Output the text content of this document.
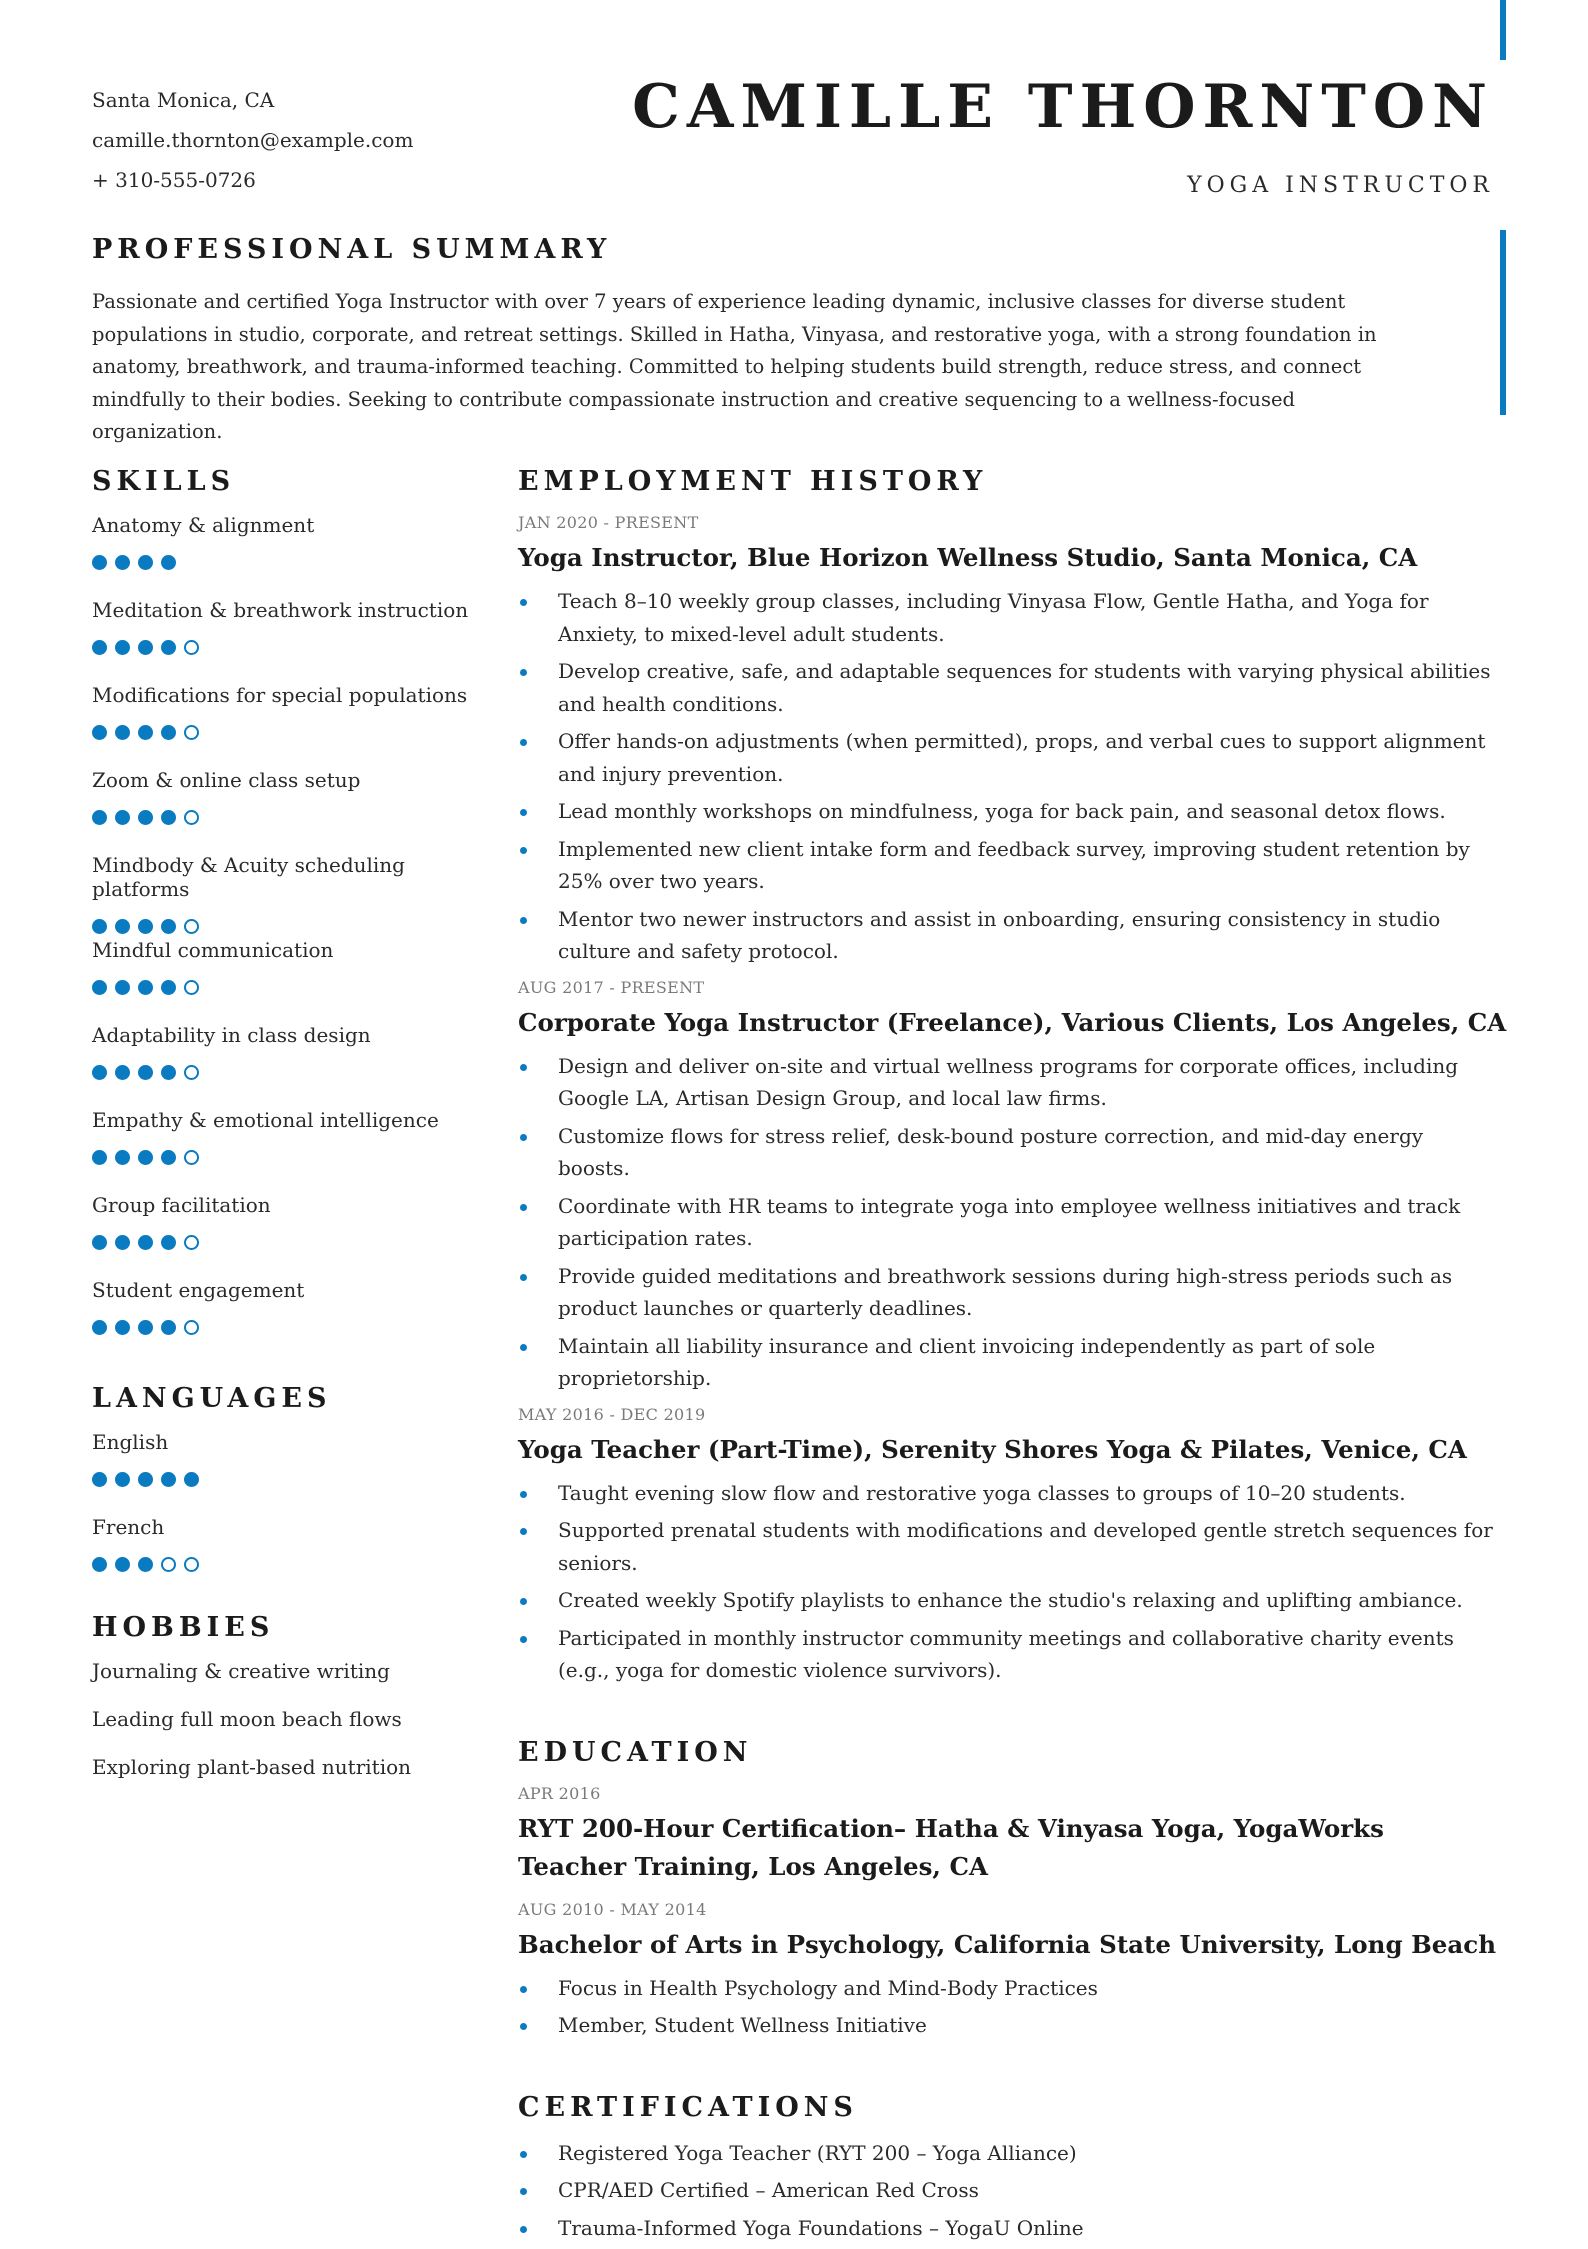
Santa Monica, CA
camille.thornton@example.com
+ 310-555-0726
CAMILLE THORNTON
YOGA INSTRUCTOR
PROFESSIONAL SUMMARY
Passionate and certified Yoga Instructor with over 7 years of experience leading dynamic, inclusive classes for diverse student populations in studio, corporate, and retreat settings. Skilled in Hatha, Vinyasa, and restorative yoga, with a strong foundation in anatomy, breathwork, and trauma-informed teaching. Committed to helping students build strength, reduce stress, and connect mindfully to their bodies. Seeking to contribute compassionate instruction and creative sequencing to a wellness-focused organization.
SKILLS
Anatomy & alignment
Meditation & breathwork instruction
Modifications for special populations
Zoom & online class setup
Mindbody & Acuity scheduling platforms
Mindful communication
Adaptability in class design
Empathy & emotional intelligence
Group facilitation
Student engagement
LANGUAGES
English
French
HOBBIES
Journaling & creative writing
Leading full moon beach flows
Exploring plant-based nutrition
EMPLOYMENT HISTORY
JAN 2020 - PRESENT
Yoga Instructor, Blue Horizon Wellness Studio, Santa Monica, CA
Teach 8–10 weekly group classes, including Vinyasa Flow, Gentle Hatha, and Yoga for Anxiety, to mixed-level adult students.
Develop creative, safe, and adaptable sequences for students with varying physical abilities and health conditions.
Offer hands-on adjustments (when permitted), props, and verbal cues to support alignment and injury prevention.
Lead monthly workshops on mindfulness, yoga for back pain, and seasonal detox flows.
Implemented new client intake form and feedback survey, improving student retention by 25% over two years.
Mentor two newer instructors and assist in onboarding, ensuring consistency in studio culture and safety protocol.
AUG 2017 - PRESENT
Corporate Yoga Instructor (Freelance), Various Clients, Los Angeles, CA
Design and deliver on-site and virtual wellness programs for corporate offices, including Google LA, Artisan Design Group, and local law firms.
Customize flows for stress relief, desk-bound posture correction, and mid-day energy boosts.
Coordinate with HR teams to integrate yoga into employee wellness initiatives and track participation rates.
Provide guided meditations and breathwork sessions during high-stress periods such as product launches or quarterly deadlines.
Maintain all liability insurance and client invoicing independently as part of sole proprietorship.
MAY 2016 - DEC 2019
Yoga Teacher (Part-Time), Serenity Shores Yoga & Pilates, Venice, CA
Taught evening slow flow and restorative yoga classes to groups of 10–20 students.
Supported prenatal students with modifications and developed gentle stretch sequences for seniors.
Created weekly Spotify playlists to enhance the studio's relaxing and uplifting ambiance.
Participated in monthly instructor community meetings and collaborative charity events (e.g., yoga for domestic violence survivors).
EDUCATION
APR 2016
RYT 200-Hour Certification– Hatha & Vinyasa Yoga, YogaWorks Teacher Training, Los Angeles, CA
AUG 2010 - MAY 2014
Bachelor of Arts in Psychology, California State University, Long Beach
Focus in Health Psychology and Mind-Body Practices
Member, Student Wellness Initiative
CERTIFICATIONS
Registered Yoga Teacher (RYT 200 – Yoga Alliance)
CPR/AED Certified – American Red Cross
Trauma-Informed Yoga Foundations – YogaU Online
